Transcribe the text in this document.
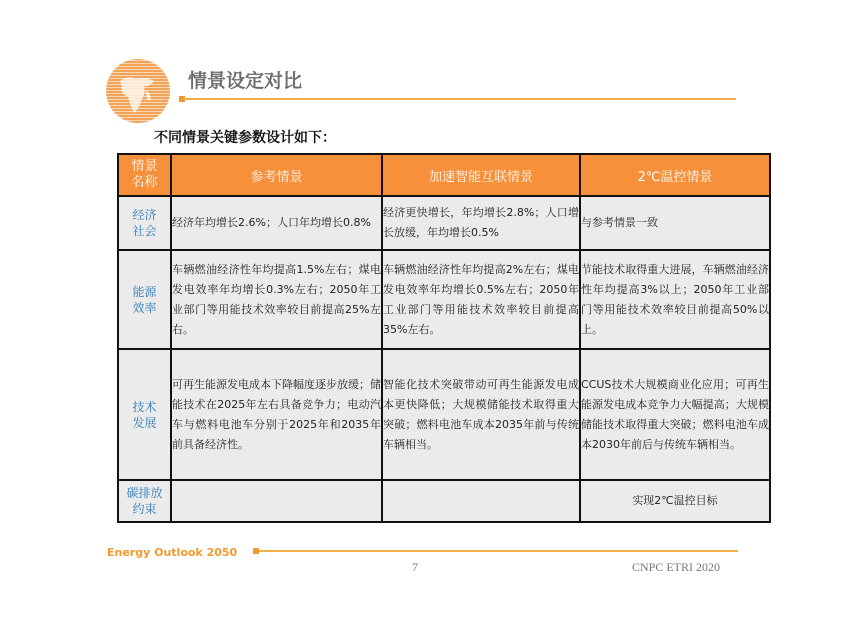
情景设定对比
不同情景关键参数设计如下：
情景
名称	参考情景	加速智能互联情景	2℃温控情景

经济
社会	经济年均增长2.6%；人口年均增长0.8%	经济更快增长，年均增长2.8%；人口增长放缓，年均增长0.5%	与参考情景一致

能源
效率	车辆燃油经济性年均提高1.5%左右；煤电发电效率年均增长0.3%左右；2050年工业部门等用能技术效率较目前提高25%左右。	车辆燃油经济性年均提高2%左右；煤电发电效率年均增长0.5%左右；2050年工业部门等用能技术效率较目前提高35%左右。	节能技术取得重大进展，车辆燃油经济性年均提高3%以上；2050年工业部门等用能技术效率较目前提高50%以上。

技术
发展	可再生能源发电成本下降幅度逐步放缓；储能技术在2025年左右具备竞争力；电动汽车与燃料电池车分别于2025年和2035年前具备经济性。	智能化技术突破带动可再生能源发电成本更快降低；大规模储能技术取得重大突破；燃料电池车成本2035年前与传统车辆相当。	CCUS技术大规模商业化应用；可再生能源发电成本竞争力大幅提高；大规模储能技术取得重大突破；燃料电池车成本2030年前后与传统车辆相当。

碳排放
约束			实现2℃温控目标
Energy Outlook 2050
7	CNPC ETRI 2020
